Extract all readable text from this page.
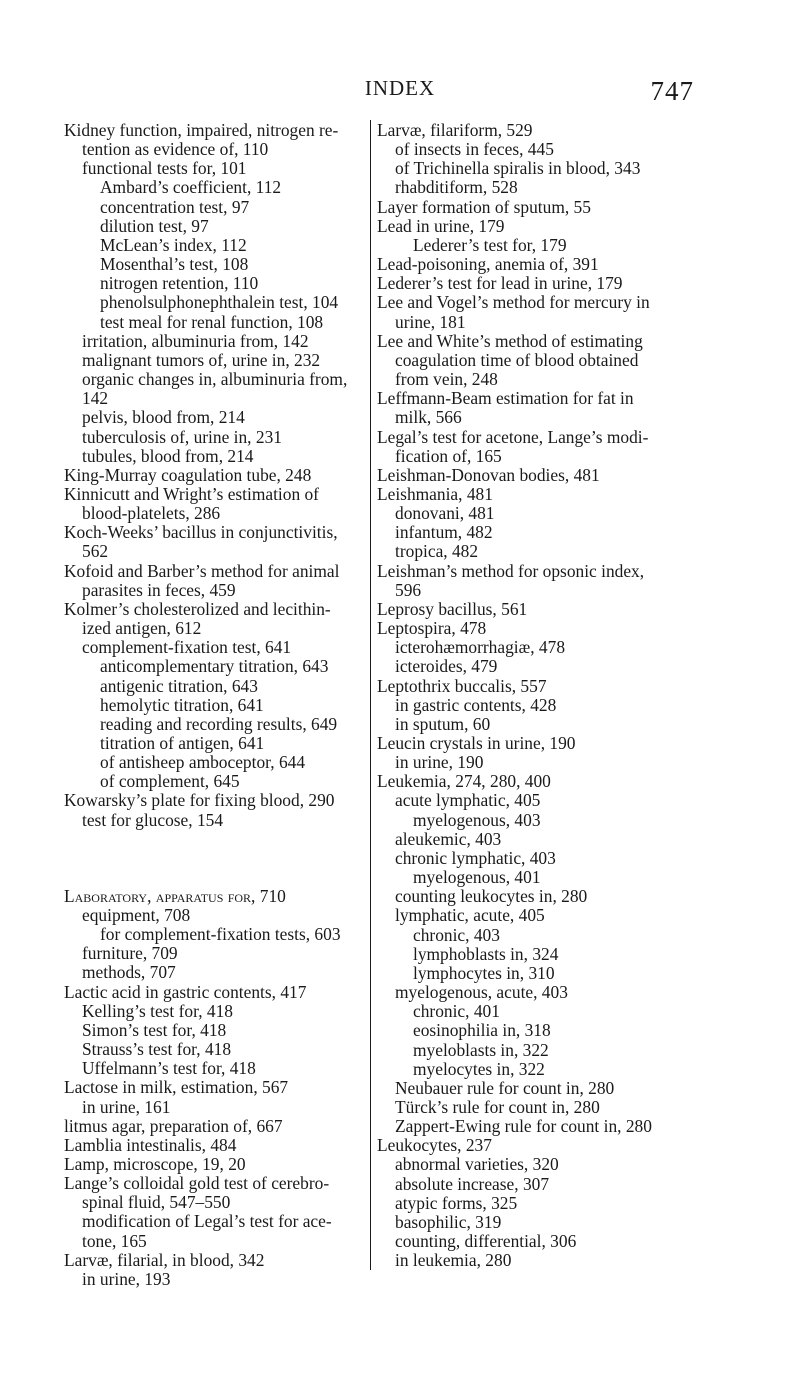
INDEX	747
Kidney function, impaired, nitrogen re-
tention as evidence of, 110
functional tests for, 101
Ambard’s coefficient, 112
concentration test, 97
dilution test, 97
McLean’s index, 112
Mosenthal’s test, 108
nitrogen retention, 110
phenolsulphonephthalein test, 104
test meal for renal function, 108
irritation, albuminuria from, 142
malignant tumors of, urine in, 232
organic changes in, albuminuria from,
142
pelvis, blood from, 214
tuberculosis of, urine in, 231
tubules, blood from, 214
King-Murray coagulation tube, 248
Kinnicutt and Wright’s estimation of
blood-platelets, 286
Koch-Weeks’ bacillus in conjunctivitis,
562
Kofoid and Barber’s method for animal
parasites in feces, 459
Kolmer’s cholesterolized and lecithin-
ized antigen, 612
complement-fixation test, 641
anticomplementary titration, 643
antigenic titration, 643
hemolytic titration, 641
reading and recording results, 649
titration of antigen, 641
of antisheep amboceptor, 644
of complement, 645
Kowarsky’s plate for fixing blood, 290
test for glucose, 154
Laboratory, apparatus for, 710
equipment, 708
for complement-fixation tests, 603
furniture, 709
methods, 707
Lactic acid in gastric contents, 417
Kelling’s test for, 418
Simon’s test for, 418
Strauss’s test for, 418
Uffelmann’s test for, 418
Lactose in milk, estimation, 567
in urine, 161
litmus agar, preparation of, 667
Lamblia intestinalis, 484
Lamp, microscope, 19, 20
Lange’s colloidal gold test of cerebro-
spinal fluid, 547–550
modification of Legal’s test for ace-
tone, 165
Larvæ, filarial, in blood, 342
in urine, 193
Larvæ, filariform, 529
of insects in feces, 445
of Trichinella spiralis in blood, 343
rhabditiform, 528
Layer formation of sputum, 55
Lead in urine, 179
Lederer’s test for, 179
Lead-poisoning, anemia of, 391
Lederer’s test for lead in urine, 179
Lee and Vogel’s method for mercury in
urine, 181
Lee and White’s method of estimating
coagulation time of blood obtained
from vein, 248
Leffmann-Beam estimation for fat in
milk, 566
Legal’s test for acetone, Lange’s modi-
fication of, 165
Leishman-Donovan bodies, 481
Leishmania, 481
donovani, 481
infantum, 482
tropica, 482
Leishman’s method for opsonic index,
596
Leprosy bacillus, 561
Leptospira, 478
icterohæmorrhagiæ, 478
icteroides, 479
Leptothrix buccalis, 557
in gastric contents, 428
in sputum, 60
Leucin crystals in urine, 190
in urine, 190
Leukemia, 274, 280, 400
acute lymphatic, 405
myelogenous, 403
aleukemic, 403
chronic lymphatic, 403
myelogenous, 401
counting leukocytes in, 280
lymphatic, acute, 405
chronic, 403
lymphoblasts in, 324
lymphocytes in, 310
myelogenous, acute, 403
chronic, 401
eosinophilia in, 318
myeloblasts in, 322
myelocytes in, 322
Neubauer rule for count in, 280
Türck’s rule for count in, 280
Zappert-Ewing rule for count in, 280
Leukocytes, 237
abnormal varieties, 320
absolute increase, 307
atypic forms, 325
basophilic, 319
counting, differential, 306
in leukemia, 280
